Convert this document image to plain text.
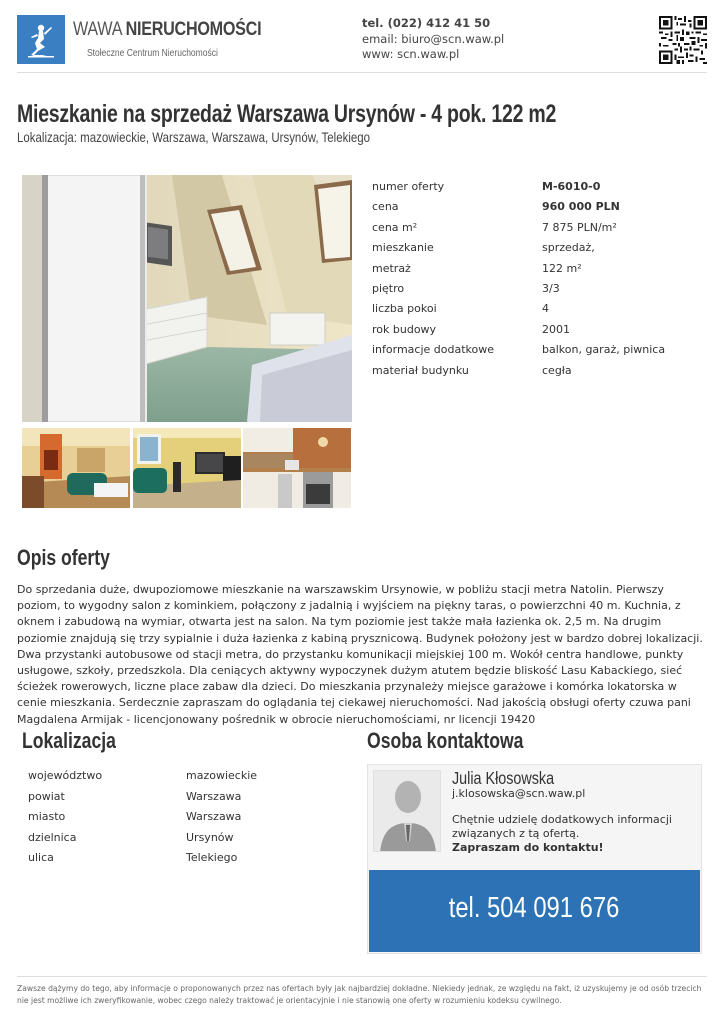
WAWA NIERUCHOMOŚCI
Stołeczne Centrum Nieruchomości
tel. (022) 412 41 50
email: biuro@scn.waw.pl
www: scn.waw.pl
Mieszkanie na sprzedaż Warszawa Ursynów - 4 pok. 122 m2
Lokalizacja: mazowieckie, Warszawa, Warszawa, Ursynów, Telekiego
numer oferty	M-6010-0
cena	960 000 PLN
cena m²	7 875 PLN/m²
mieszkanie	sprzedaż,
metraż	122 m²
piętro	3/3
liczba pokoi	4
rok budowy	2001
informacje dodatkowe	balkon, garaż, piwnica
materiał budynku	cegła
Opis oferty

Do sprzedania duże, dwupoziomowe mieszkanie na warszawskim Ursynowie, w pobliżu stacji metra Natolin. Pierwszy poziom, to wygodny salon z kominkiem, połączony z jadalnią i wyjściem na piękny taras, o powierzchni 40 m. Kuchnia, z oknem i zabudową na wymiar, otwarta jest na salon. Na tym poziomie jest także mała łazienka ok. 2,5 m. Na drugim poziomie znajdują się trzy sypialnie i duża łazienka z kabiną prysznicową. Budynek położony jest w bardzo dobrej lokalizacji. Dwa przystanki autobusowe od stacji metra, do przystanku komunikacji miejskiej 100 m. Wokół centra handlowe, punkty usługowe, szkoły, przedszkola. Dla ceniących aktywny wypoczynek dużym atutem będzie bliskość Lasu Kabackiego, sieć ścieżek rowerowych, liczne place zabaw dla dzieci. Do mieszkania przynależy miejsce garażowe i komórka lokatorska w cenie mieszkania. Serdecznie zapraszam do oglądania tej ciekawej nieruchomości. Nad jakością obsługi oferty czuwa pani Magdalena Armijak - licencjonowany pośrednik w obrocie nieruchomościami, nr licencji 19420

Lokalizacja
województwo	mazowieckie
powiat	Warszawa
miasto	Warszawa
dzielnica	Ursynów
ulica	Telekiego
Osoba kontaktowa
Julia Kłosowska
j.klosowska@scn.waw.pl
Chętnie udzielę dodatkowych informacji związanych z tą ofertą.
Zapraszam do kontaktu!
tel. 504 091 676

Zawsze dążymy do tego, aby informacje o proponowanych przez nas ofertach były jak najbardziej dokładne. Niekiedy jednak, ze względu na fakt, iż uzyskujemy je od osób trzecich nie jest możliwe ich zweryfikowanie, wobec czego należy traktować je orientacyjnie i nie stanowią one oferty w rozumieniu kodeksu cywilnego.
